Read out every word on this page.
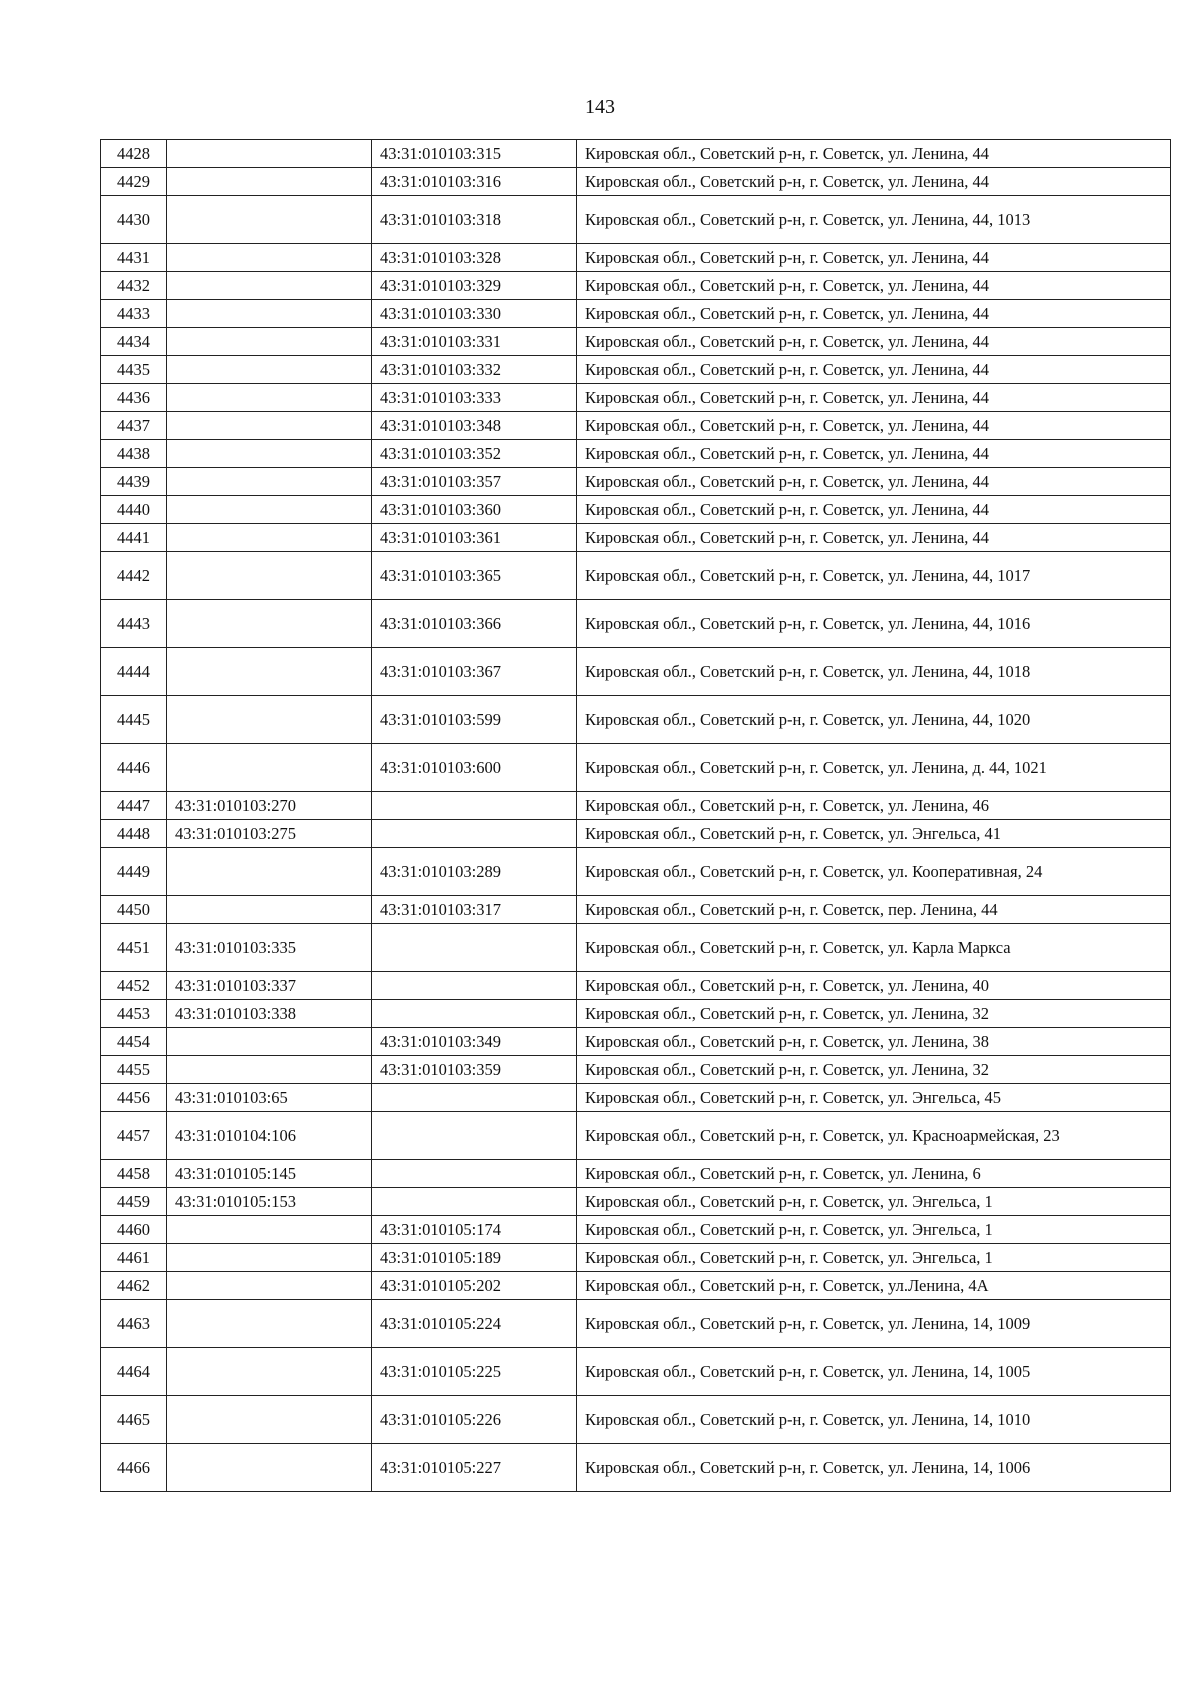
143
4428		43:31:010103:315	Кировская обл., Советский р-н, г. Советск, ул. Ленина, 44
4429		43:31:010103:316	Кировская обл., Советский р-н, г. Советск, ул. Ленина, 44
4430		43:31:010103:318	Кировская обл., Советский р-н, г. Советск, ул. Ленина, 44, 1013
4431		43:31:010103:328	Кировская обл., Советский р-н, г. Советск, ул. Ленина, 44
4432		43:31:010103:329	Кировская обл., Советский р-н, г. Советск, ул. Ленина, 44
4433		43:31:010103:330	Кировская обл., Советский р-н, г. Советск, ул. Ленина, 44
4434		43:31:010103:331	Кировская обл., Советский р-н, г. Советск, ул. Ленина, 44
4435		43:31:010103:332	Кировская обл., Советский р-н, г. Советск, ул. Ленина, 44
4436		43:31:010103:333	Кировская обл., Советский р-н, г. Советск, ул. Ленина, 44
4437		43:31:010103:348	Кировская обл., Советский р-н, г. Советск, ул. Ленина, 44
4438		43:31:010103:352	Кировская обл., Советский р-н, г. Советск, ул. Ленина, 44
4439		43:31:010103:357	Кировская обл., Советский р-н, г. Советск, ул. Ленина, 44
4440		43:31:010103:360	Кировская обл., Советский р-н, г. Советск, ул. Ленина, 44
4441		43:31:010103:361	Кировская обл., Советский р-н, г. Советск, ул. Ленина, 44
4442		43:31:010103:365	Кировская обл., Советский р-н, г. Советск, ул. Ленина, 44, 1017
4443		43:31:010103:366	Кировская обл., Советский р-н, г. Советск, ул. Ленина, 44, 1016
4444		43:31:010103:367	Кировская обл., Советский р-н, г. Советск, ул. Ленина, 44, 1018
4445		43:31:010103:599	Кировская обл., Советский р-н, г. Советск, ул. Ленина, 44, 1020
4446		43:31:010103:600	Кировская обл., Советский р-н, г. Советск, ул. Ленина, д. 44, 1021
4447	43:31:010103:270		Кировская обл., Советский р-н, г. Советск, ул. Ленина, 46
4448	43:31:010103:275		Кировская обл., Советский р-н, г. Советск, ул. Энгельса, 41
4449		43:31:010103:289	Кировская обл., Советский р-н, г. Советск, ул. Кооперативная, 24
4450		43:31:010103:317	Кировская обл., Советский р-н, г. Советск, пер. Ленина, 44
4451	43:31:010103:335		Кировская обл., Советский р-н, г. Советск, ул. Карла Маркса
4452	43:31:010103:337		Кировская обл., Советский р-н, г. Советск, ул. Ленина, 40
4453	43:31:010103:338		Кировская обл., Советский р-н, г. Советск, ул. Ленина, 32
4454		43:31:010103:349	Кировская обл., Советский р-н, г. Советск, ул. Ленина, 38
4455		43:31:010103:359	Кировская обл., Советский р-н, г. Советск, ул. Ленина, 32
4456	43:31:010103:65		Кировская обл., Советский р-н, г. Советск, ул. Энгельса, 45
4457	43:31:010104:106		Кировская обл., Советский р-н, г. Советск, ул. Красноармейская, 23
4458	43:31:010105:145		Кировская обл., Советский р-н, г. Советск, ул. Ленина, 6
4459	43:31:010105:153		Кировская обл., Советский р-н, г. Советск, ул. Энгельса, 1
4460		43:31:010105:174	Кировская обл., Советский р-н, г. Советск, ул. Энгельса, 1
4461		43:31:010105:189	Кировская обл., Советский р-н, г. Советск, ул. Энгельса, 1
4462		43:31:010105:202	Кировская обл., Советский р-н, г. Советск, ул.Ленина, 4А
4463		43:31:010105:224	Кировская обл., Советский р-н, г. Советск, ул. Ленина, 14, 1009
4464		43:31:010105:225	Кировская обл., Советский р-н, г. Советск, ул. Ленина, 14, 1005
4465		43:31:010105:226	Кировская обл., Советский р-н, г. Советск, ул. Ленина, 14, 1010
4466		43:31:010105:227	Кировская обл., Советский р-н, г. Советск, ул. Ленина, 14, 1006
